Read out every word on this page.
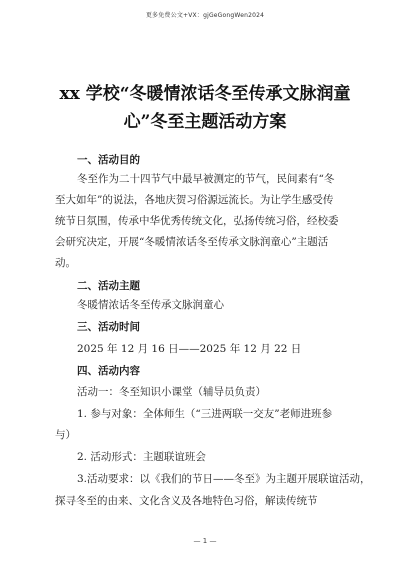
更多免费公文+VX：gjGeGongWen2024
xx 学校“冬暖情浓话冬至传承文脉润童
心”冬至主题活动方案
一、活动目的
冬至作为二十四节气中最早被测定的节气，民间素有“冬
至大如年”的说法，各地庆贺习俗源远流长。为让学生感受传
统节日氛围，传承中华优秀传统文化，弘扬传统习俗，经校委
会研究决定，开展“冬暖情浓话冬至传承文脉润童心”主题活
动。
二、活动主题
冬暖情浓话冬至传承文脉润童心
三、活动时间
2025 年 12 月 16 日——2025 年 12 月 22 日
四、活动内容
活动一：冬至知识小课堂（辅导员负责）
1. 参与对象：全体师生（“三进两联一交友”老师进班参
与）
2. 活动形式：主题联谊班会
3.活动要求：以《我们的节日——冬至》为主题开展联谊活动，
探寻冬至的由来、文化含义及各地特色习俗，解读传统节
— 1 —
